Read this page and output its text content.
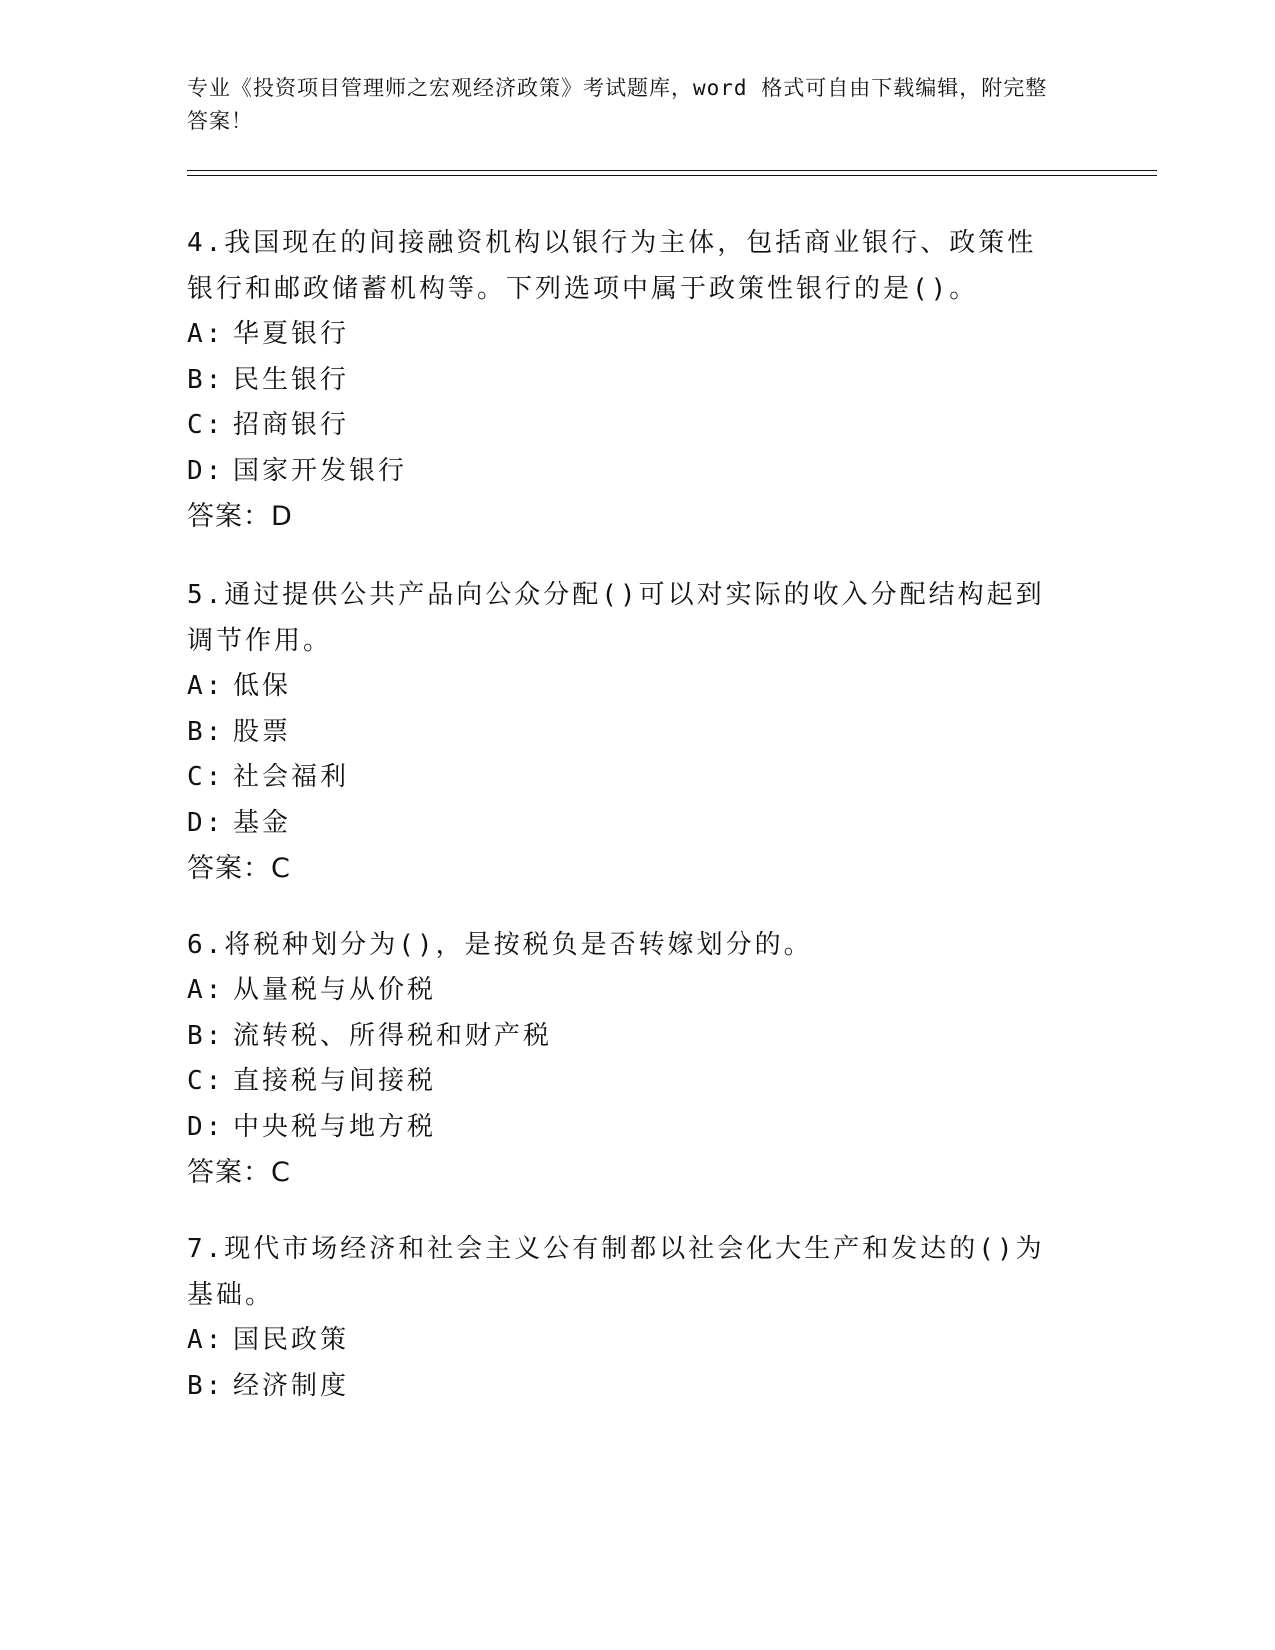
专业《投资项目管理师之宏观经济政策》考试题库，word 格式可自由下载编辑，附完整答案！
4.我国现在的间接融资机构以银行为主体，包括商业银行、政策性银行和邮政储蓄机构等。下列选项中属于政策性银行的是()。
A: 华夏银行
B: 民生银行
C: 招商银行
D: 国家开发银行
答案：D
5.通过提供公共产品向公众分配()可以对实际的收入分配结构起到调节作用。
A: 低保
B: 股票
C: 社会福利
D: 基金
答案：C
6.将税种划分为()，是按税负是否转嫁划分的。
A: 从量税与从价税
B: 流转税、所得税和财产税
C: 直接税与间接税
D: 中央税与地方税
答案：C
7.现代市场经济和社会主义公有制都以社会化大生产和发达的()为基础。
A: 国民政策
B: 经济制度
